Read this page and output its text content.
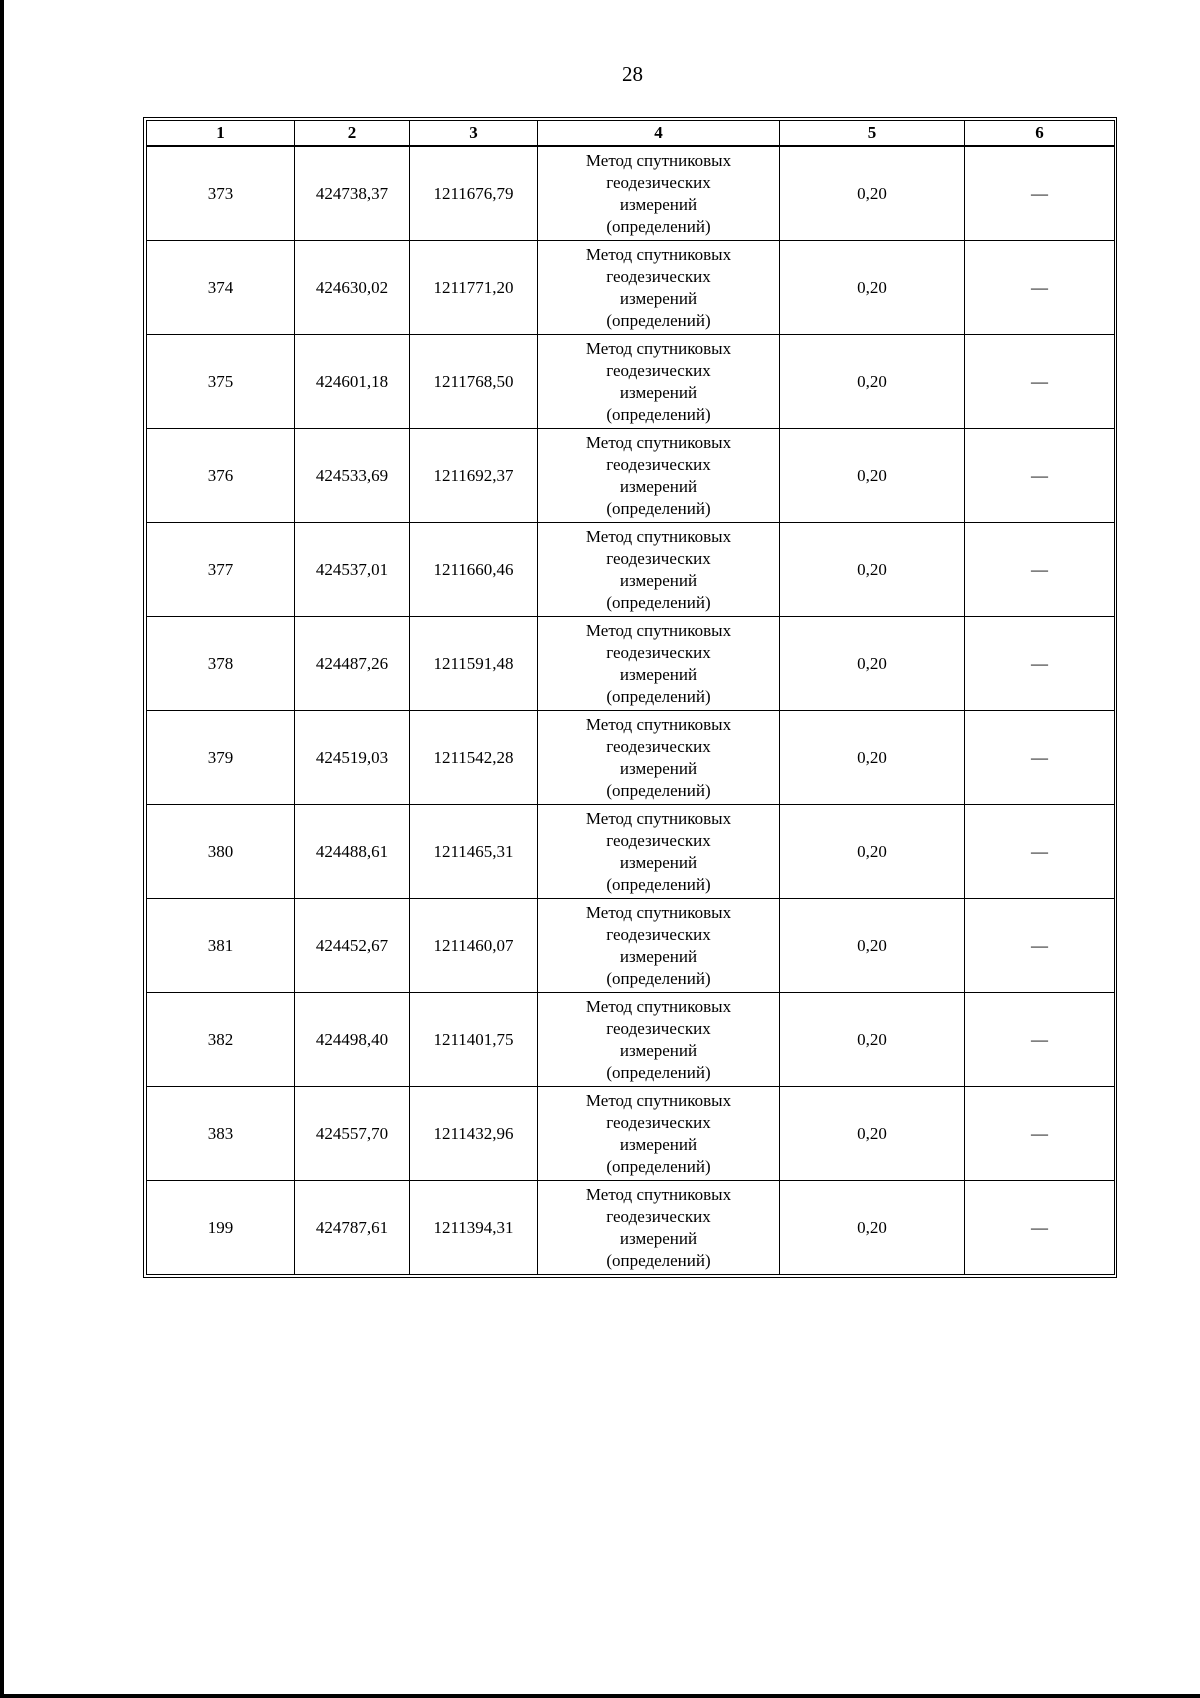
28
1	2	3	4	5	6
373	424738,37	1211676,79	Метод спутниковых
геодезических
измерений
(определений)	0,20	—
374	424630,02	1211771,20	Метод спутниковых
геодезических
измерений
(определений)	0,20	—
375	424601,18	1211768,50	Метод спутниковых
геодезических
измерений
(определений)	0,20	—
376	424533,69	1211692,37	Метод спутниковых
геодезических
измерений
(определений)	0,20	—
377	424537,01	1211660,46	Метод спутниковых
геодезических
измерений
(определений)	0,20	—
378	424487,26	1211591,48	Метод спутниковых
геодезических
измерений
(определений)	0,20	—
379	424519,03	1211542,28	Метод спутниковых
геодезических
измерений
(определений)	0,20	—
380	424488,61	1211465,31	Метод спутниковых
геодезических
измерений
(определений)	0,20	—
381	424452,67	1211460,07	Метод спутниковых
геодезических
измерений
(определений)	0,20	—
382	424498,40	1211401,75	Метод спутниковых
геодезических
измерений
(определений)	0,20	—
383	424557,70	1211432,96	Метод спутниковых
геодезических
измерений
(определений)	0,20	—
199	424787,61	1211394,31	Метод спутниковых
геодезических
измерений
(определений)	0,20	—
